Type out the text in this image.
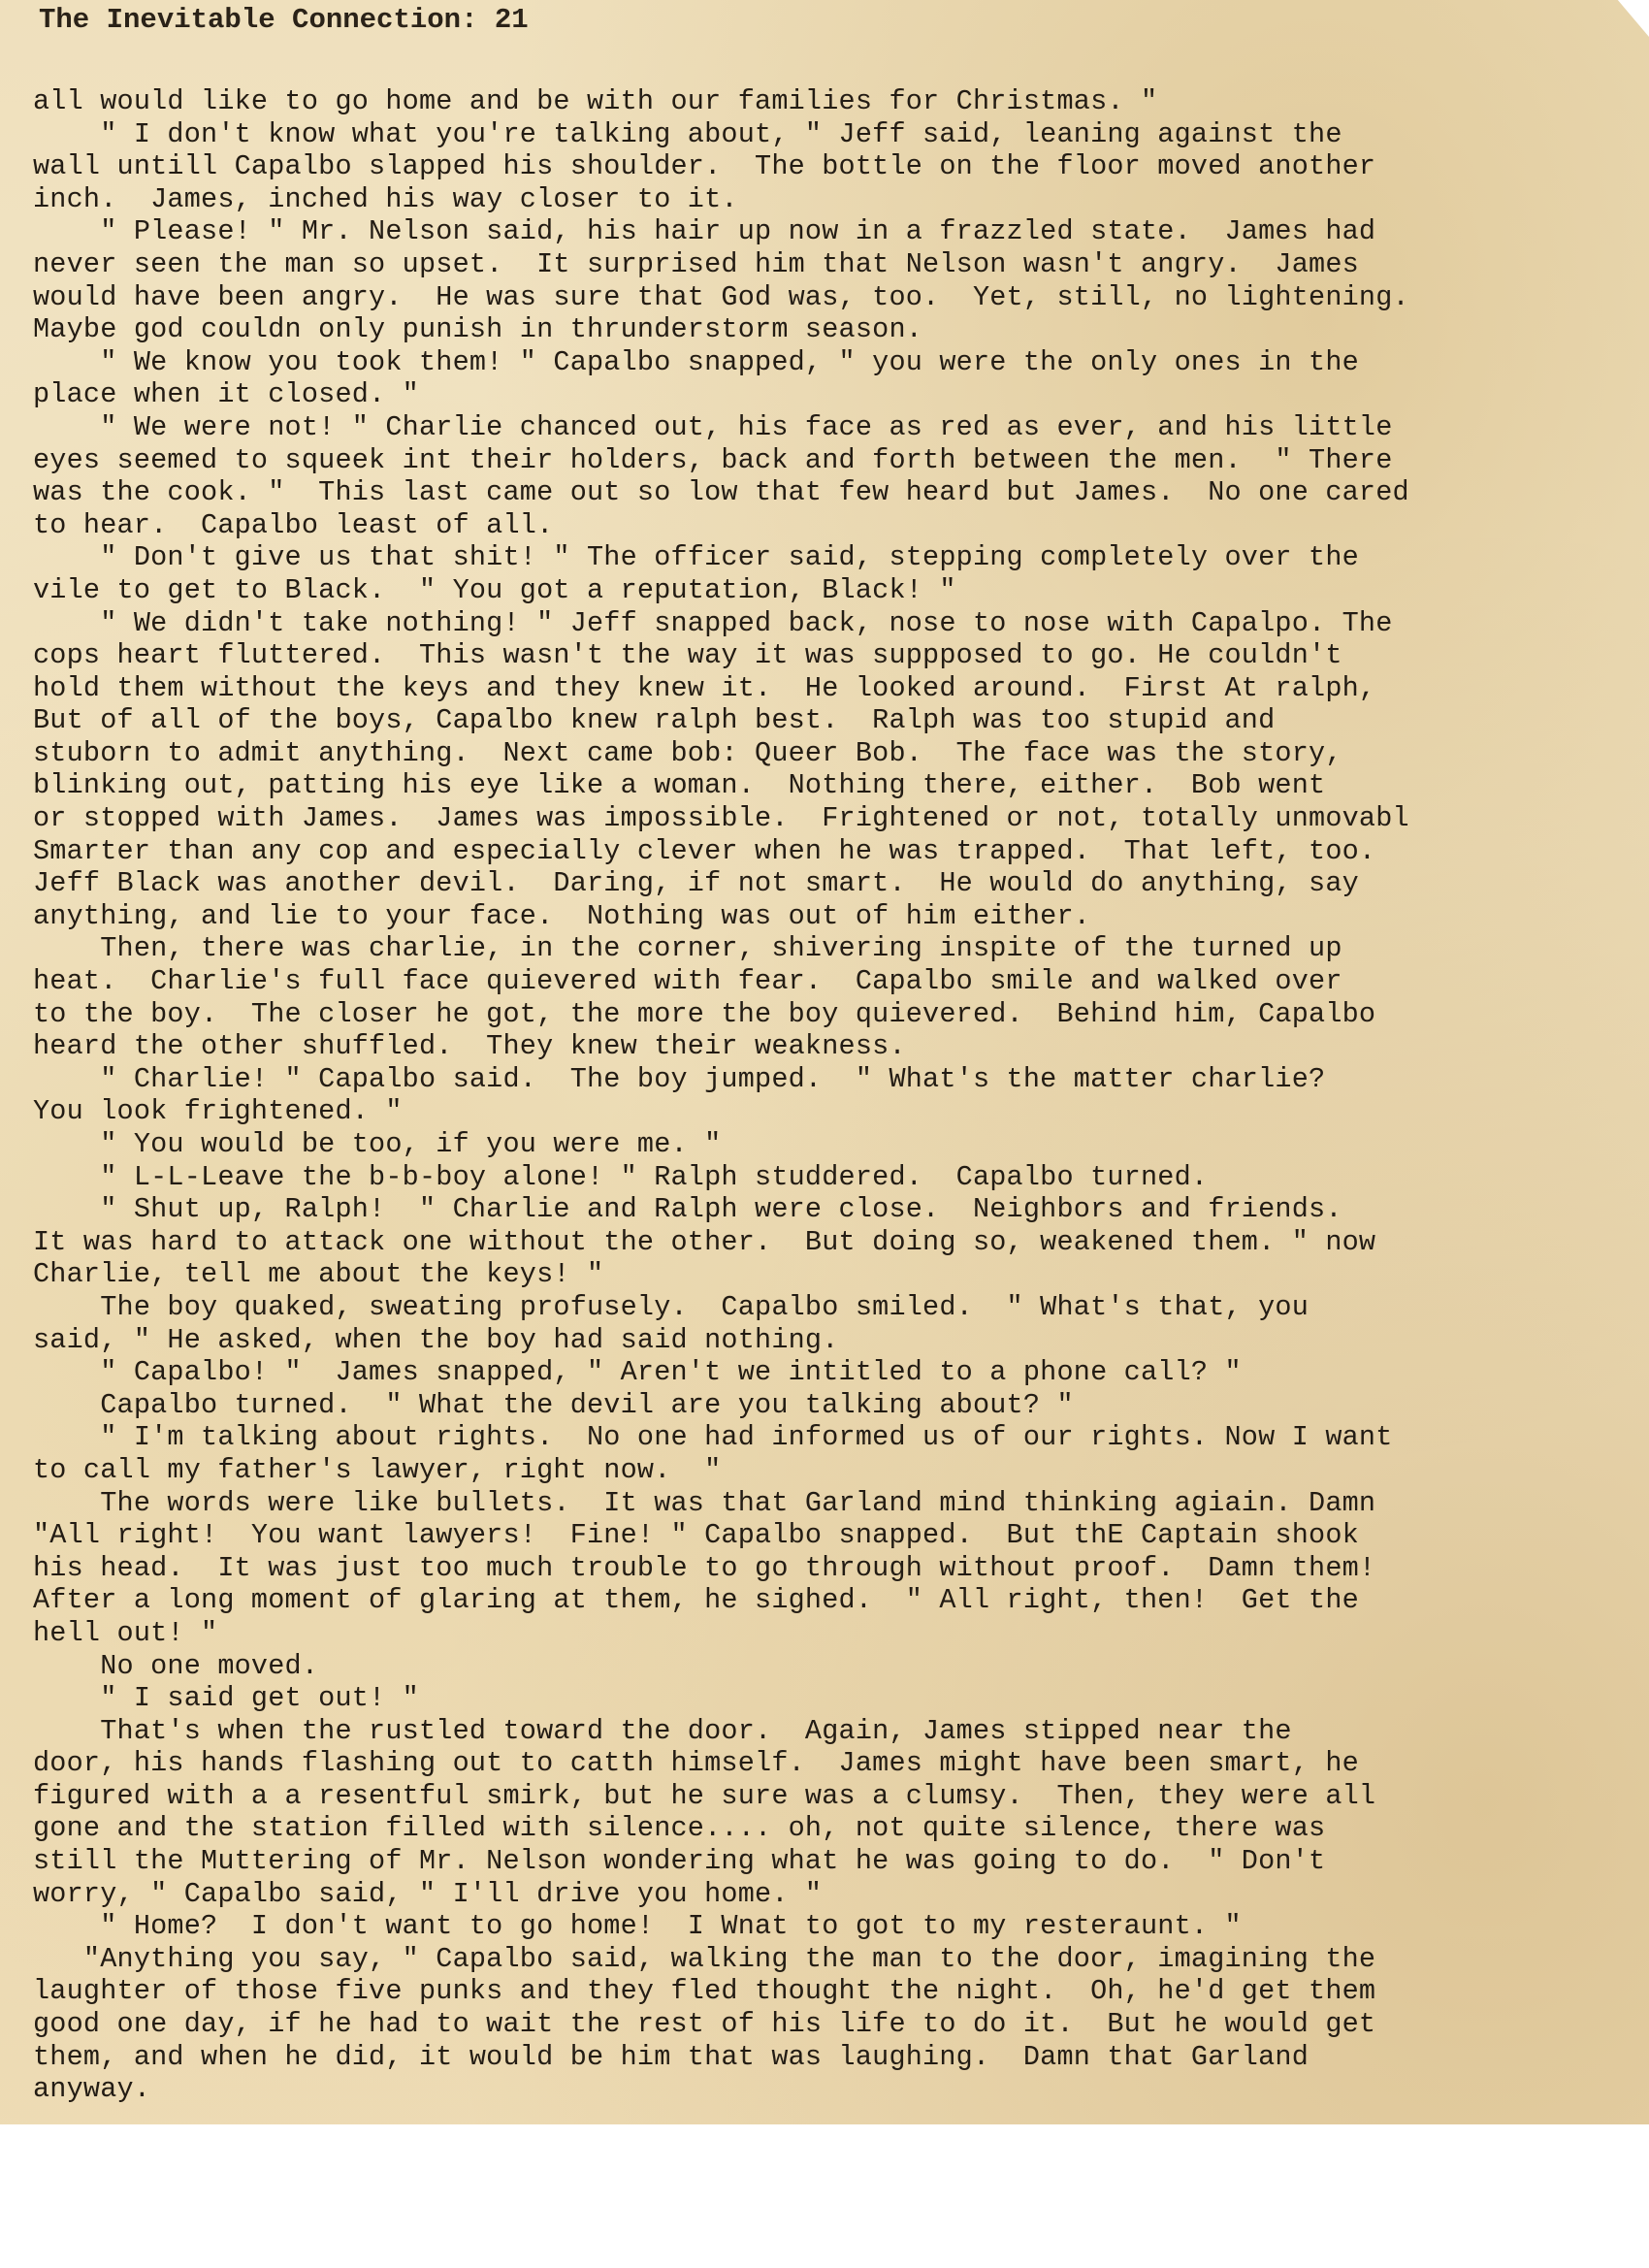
The Inevitable Connection: 21
all would like to go home and be with our families for Christmas. "
" I don't know what you're talking about, " Jeff said, leaning against the
wall untill Capalbo slapped his shoulder.  The bottle on the floor moved another
inch.  James, inched his way closer to it.
" Please! " Mr. Nelson said, his hair up now in a frazzled state.  James had
never seen the man so upset.  It surprised him that Nelson wasn't angry.  James
would have been angry.  He was sure that God was, too.  Yet, still, no lightening.
Maybe god couldn only punish in thrunderstorm season.
" We know you took them! " Capalbo snapped, " you were the only ones in the
place when it closed. "
" We were not! " Charlie chanced out, his face as red as ever, and his little
eyes seemed to squeek int their holders, back and forth between the men.  " There
was the cook. "  This last came out so low that few heard but James.  No one cared
to hear.  Capalbo least of all.
" Don't give us that shit! " The officer said, stepping completely over the
vile to get to Black.  " You got a reputation, Black! "
" We didn't take nothing! " Jeff snapped back, nose to nose with Capalpo. The
cops heart fluttered.  This wasn't the way it was suppposed to go. He couldn't
hold them without the keys and they knew it.  He looked around.  First At ralph,
But of all of the boys, Capalbo knew ralph best.  Ralph was too stupid and
stuborn to admit anything.  Next came bob: Queer Bob.  The face was the story,
blinking out, patting his eye like a woman.  Nothing there, either.  Bob went
or stopped with James.  James was impossible.  Frightened or not, totally unmovabl
Smarter than any cop and especially clever when he was trapped.  That left, too.
Jeff Black was another devil.  Daring, if not smart.  He would do anything, say
anything, and lie to your face.  Nothing was out of him either.
Then, there was charlie, in the corner, shivering inspite of the turned up
heat.  Charlie's full face quievered with fear.  Capalbo smile and walked over
to the boy.  The closer he got, the more the boy quievered.  Behind him, Capalbo
heard the other shuffled.  They knew their weakness.
" Charlie! " Capalbo said.  The boy jumped.  " What's the matter charlie?
You look frightened. "
" You would be too, if you were me. "
" L-L-Leave the b-b-boy alone! " Ralph studdered.  Capalbo turned.
" Shut up, Ralph!  " Charlie and Ralph were close.  Neighbors and friends.
It was hard to attack one without the other.  But doing so, weakened them. " now
Charlie, tell me about the keys! "
The boy quaked, sweating profusely.  Capalbo smiled.  " What's that, you
said, " He asked, when the boy had said nothing.
" Capalbo! "  James snapped, " Aren't we intitled to a phone call? "
Capalbo turned.  " What the devil are you talking about? "
" I'm talking about rights.  No one had informed us of our rights. Now I want
to call my father's lawyer, right now.  "
The words were like bullets.  It was that Garland mind thinking agiain. Damn
"All right!  You want lawyers!  Fine! " Capalbo snapped.  But thE Captain shook
his head.  It was just too much trouble to go through without proof.  Damn them!
After a long moment of glaring at them, he sighed.  " All right, then!  Get the
hell out! "
No one moved.
" I said get out! "
That's when the rustled toward the door.  Again, James stipped near the
door, his hands flashing out to catth himself.  James might have been smart, he
figured with a a resentful smirk, but he sure was a clumsy.  Then, they were all
gone and the station filled with silence.... oh, not quite silence, there was
still the Muttering of Mr. Nelson wondering what he was going to do.  " Don't
worry, " Capalbo said, " I'll drive you home. "
" Home?  I don't want to go home!  I Wnat to got to my resteraunt. "
"Anything you say, " Capalbo said, walking the man to the door, imagining the
laughter of those five punks and they fled thought the night.  Oh, he'd get them
good one day, if he had to wait the rest of his life to do it.  But he would get
them, and when he did, it would be him that was laughing.  Damn that Garland
anyway.
